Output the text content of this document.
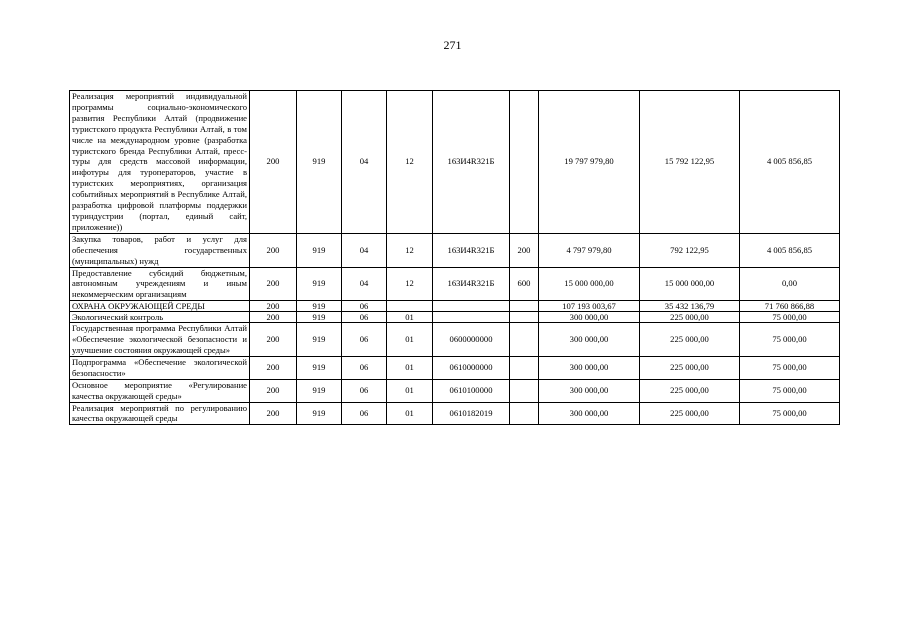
271
Реализация мероприятий индивидуальной программы социально-экономического развития Республики Алтай (продвижение туристского продукта Республики Алтай, в том числе на международном уровне (разработка туристского бренда Республики Алтай, пресс-туры для средств массовой информации, инфотуры для туроператоров, участие в туристских мероприятиях, организация событийных мероприятий в Республике Алтай, разработка цифровой платформы поддержки туриндустрии (портал, единый сайт, приложение))	200	919	04	12	163И4R321Б		19 797 979,80	15 792 122,95	4 005 856,85
Закупка товаров, работ и услуг для обеспечения государственных (муниципальных) нужд	200	919	04	12	163И4R321Б	200	4 797 979,80	792 122,95	4 005 856,85
Предоставление субсидий бюджетным, автономным учреждениям и иным некоммерческим организациям	200	919	04	12	163И4R321Б	600	15 000 000,00	15 000 000,00	0,00
ОХРАНА ОКРУЖАЮЩЕЙ СРЕДЫ	200	919	06				107 193 003,67	35 432 136,79	71 760 866,88
Экологический контроль	200	919	06	01			300 000,00	225 000,00	75 000,00
Государственная программа Республики Алтай «Обеспечение экологической безопасности и улучшение состояния окружающей среды»	200	919	06	01	0600000000		300 000,00	225 000,00	75 000,00
Подпрограмма «Обеспечение экологической безопасности»	200	919	06	01	0610000000		300 000,00	225 000,00	75 000,00
Основное мероприятие «Регулирование качества окружающей среды»	200	919	06	01	0610100000		300 000,00	225 000,00	75 000,00
Реализация мероприятий по регулированию качества окружающей среды	200	919	06	01	0610182019		300 000,00	225 000,00	75 000,00
